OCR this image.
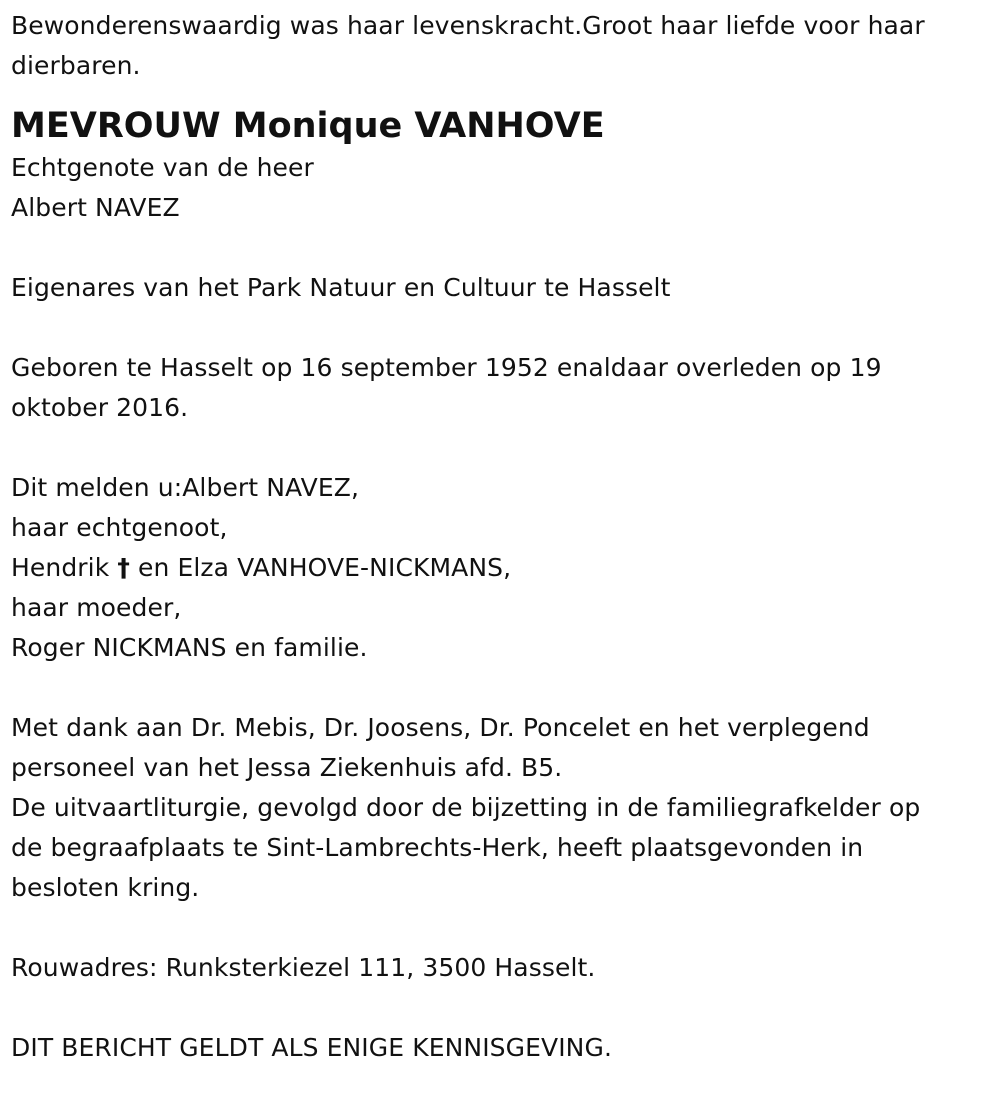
Bewonderenswaardig was haar levenskracht.Groot haar liefde voor haar
dierbaren.
MEVROUW Monique VANHOVE
Echtgenote van de heer
Albert NAVEZ
Eigenares van het Park Natuur en Cultuur te Hasselt
Geboren te Hasselt op 16 september 1952 enaldaar overleden op 19
oktober 2016.
Dit melden u:Albert NAVEZ,
haar echtgenoot,
Hendrik † en Elza VANHOVE-NICKMANS,
haar moeder,
Roger NICKMANS en familie.
Met dank aan Dr. Mebis, Dr. Joosens, Dr. Poncelet en het verplegend
personeel van het Jessa Ziekenhuis afd. B5.
De uitvaartliturgie, gevolgd door de bijzetting in de familiegrafkelder op
de begraafplaats te Sint-Lambrechts-Herk, heeft plaatsgevonden in
besloten kring.
Rouwadres: Runksterkiezel 111, 3500 Hasselt.
DIT BERICHT GELDT ALS ENIGE KENNISGEVING.
